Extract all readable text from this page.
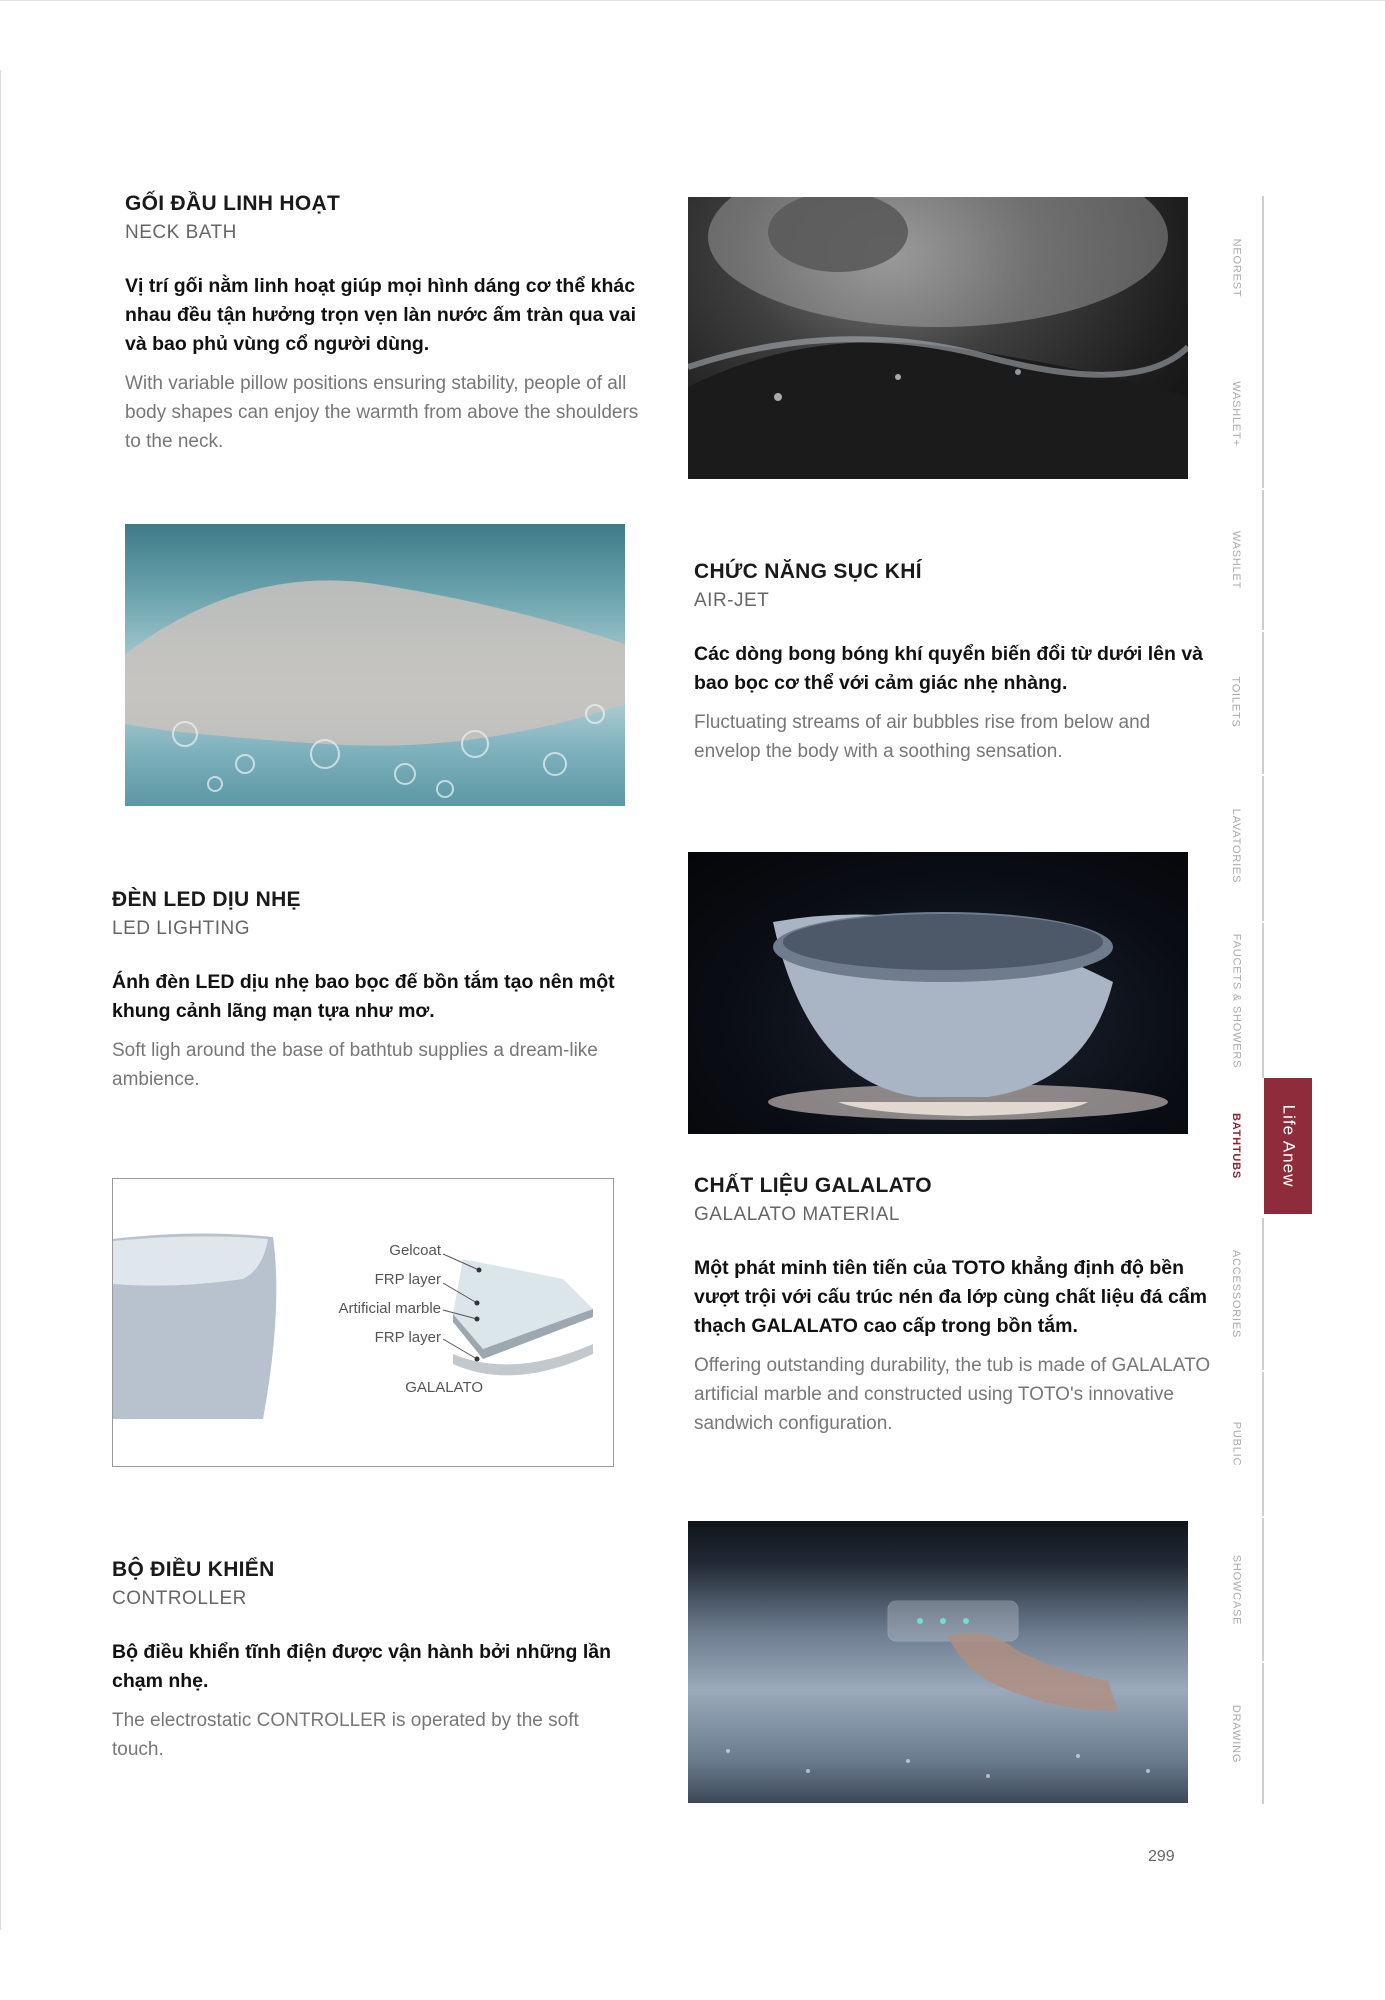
GỐI ĐẦU LINH HOẠT

NECK BATH

Vị trí gối nằm linh hoạt giúp mọi hình dáng cơ thể khác nhau đều tận hưởng trọn vẹn làn nước ấm tràn qua vai và bao phủ vùng cổ người dùng.

With variable pillow positions ensuring stability, people of all body shapes can enjoy the warmth from above the shoulders to the neck.

CHỨC NĂNG SỤC KHÍ

AIR-JET

Các dòng bong bóng khí quyển biến đổi từ dưới lên và bao bọc cơ thể với cảm giác nhẹ nhàng.

Fluctuating streams of air bubbles rise from below and envelop the body with a soothing sensation.

ĐÈN LED DỊU NHẸ

LED LIGHTING

Ánh đèn LED dịu nhẹ bao bọc đế bồn tắm tạo nên một khung cảnh lãng mạn tựa như mơ.

Soft ligh around the base of bathtub supplies a dream-like ambience.

Gelcoat
FRP layer
Artificial marble
FRP layer
GALALATO

CHẤT LIỆU GALALATO

GALALATO MATERIAL

Một phát minh tiên tiến của TOTO khẳng định độ bền vượt trội với cấu trúc nén đa lớp cùng chất liệu đá cẩm thạch GALALATO cao cấp trong bồn tắm.

Offering outstanding durability, the tub is made of GALALATO artificial marble and constructed using TOTO's innovative sandwich configuration.

BỘ ĐIỀU KHIỂN

CONTROLLER

Bộ điều khiển tĩnh điện được vận hành bởi những lần chạm nhẹ.

The electrostatic CONTROLLER is operated by the soft touch.

NEOREST
WASHLET+
WASHLET
TOILETS
LAVATORIES
FAUCETS & SHOWERS
BATHTUBS
ACCESSORIES
PUBLIC
SHOWCASE
DRAWING
Life Anew
299
